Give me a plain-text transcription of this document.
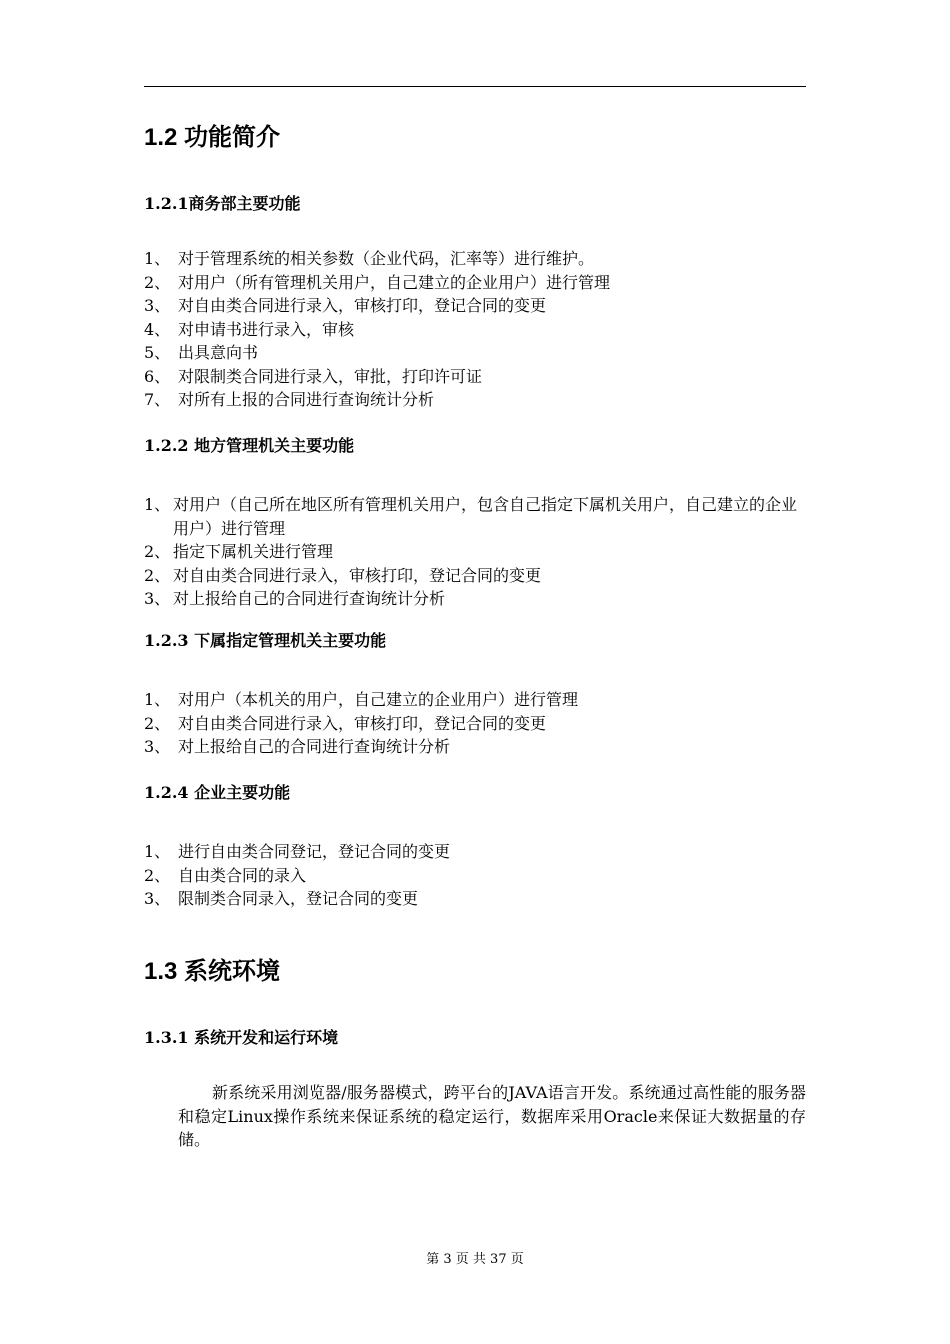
1.2 功能简介
1.2.1商务部主要功能
1、 对于管理系统的相关参数（企业代码，汇率等）进行维护。
2、 对用户（所有管理机关用户，自己建立的企业用户）进行管理
3、 对自由类合同进行录入，审核打印，登记合同的变更
4、 对申请书进行录入，审核
5、 出具意向书
6、 对限制类合同进行录入，审批，打印许可证
7、 对所有上报的合同进行查询统计分析
1.2.2 地方管理机关主要功能
1、 对用户（自己所在地区所有管理机关用户，包含自己指定下属机关用户，自己建立的企业用户）进行管理
2、 指定下属机关进行管理
2、 对自由类合同进行录入，审核打印，登记合同的变更
3、 对上报给自己的合同进行查询统计分析
1.2.3 下属指定管理机关主要功能
1、 对用户（本机关的用户，自己建立的企业用户）进行管理
2、 对自由类合同进行录入，审核打印，登记合同的变更
3、 对上报给自己的合同进行查询统计分析
1.2.4 企业主要功能
1、 进行自由类合同登记，登记合同的变更
2、 自由类合同的录入
3、 限制类合同录入，登记合同的变更
1.3 系统环境
1.3.1 系统开发和运行环境

新系统采用浏览器/服务器模式，跨平台的JAVA语言开发。系统通过高性能的服务器和稳定Linux操作系统来保证系统的稳定运行，数据库采用Oracle来保证大数据量的存储。

第 3 页 共 37 页
